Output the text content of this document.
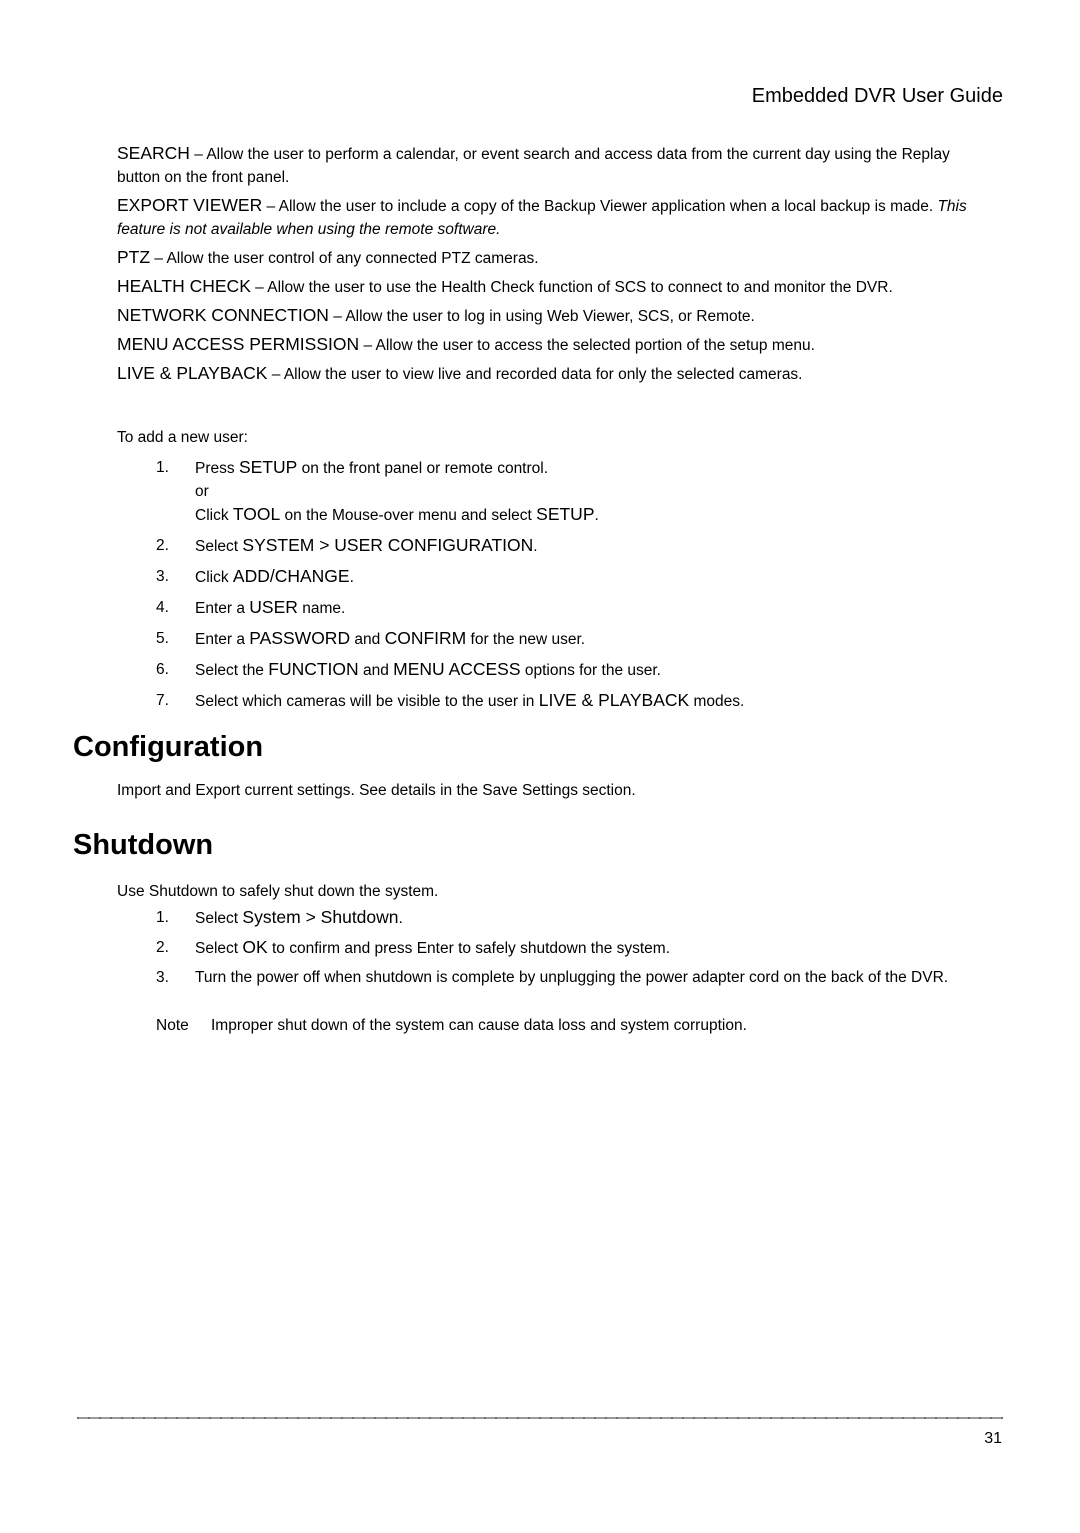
Embedded DVR User Guide
SEARCH – Allow the user to perform a calendar, or event search and access data from the current day using the Replay
button on the front panel.
EXPORT VIEWER – Allow the user to include a copy of the Backup Viewer application when a local backup is made. This
feature is not available when using the remote software.
PTZ – Allow the user control of any connected PTZ cameras.
HEALTH CHECK – Allow the user to use the Health Check function of SCS to connect to and monitor the DVR.
NETWORK CONNECTION – Allow the user to log in using Web Viewer, SCS, or Remote.
MENU ACCESS PERMISSION – Allow the user to access the selected portion of the setup menu.
LIVE & PLAYBACK – Allow the user to view live and recorded data for only the selected cameras.
To add a new user:
1.	Press SETUP on the front panel or remote control.
or
Click TOOL on the Mouse-over menu and select SETUP.
2.	Select SYSTEM > USER CONFIGURATION.
3.	Click ADD/CHANGE.
4.	Enter a USER name.
5.	Enter a PASSWORD and CONFIRM for the new user.
6.	Select the FUNCTION and MENU ACCESS options for the user.
7.	Select which cameras will be visible to the user in LIVE & PLAYBACK modes.
Configuration
Import and Export current settings. See details in the Save Settings section.
Shutdown
Use Shutdown to safely shut down the system.
1.	Select System > Shutdown.
2.	Select OK to confirm and press Enter to safely shutdown the system.
3.	Turn the power off when shutdown is complete by unplugging the power adapter cord on the back of the DVR.
Note	Improper shut down of the system can cause data loss and system corruption.
31
